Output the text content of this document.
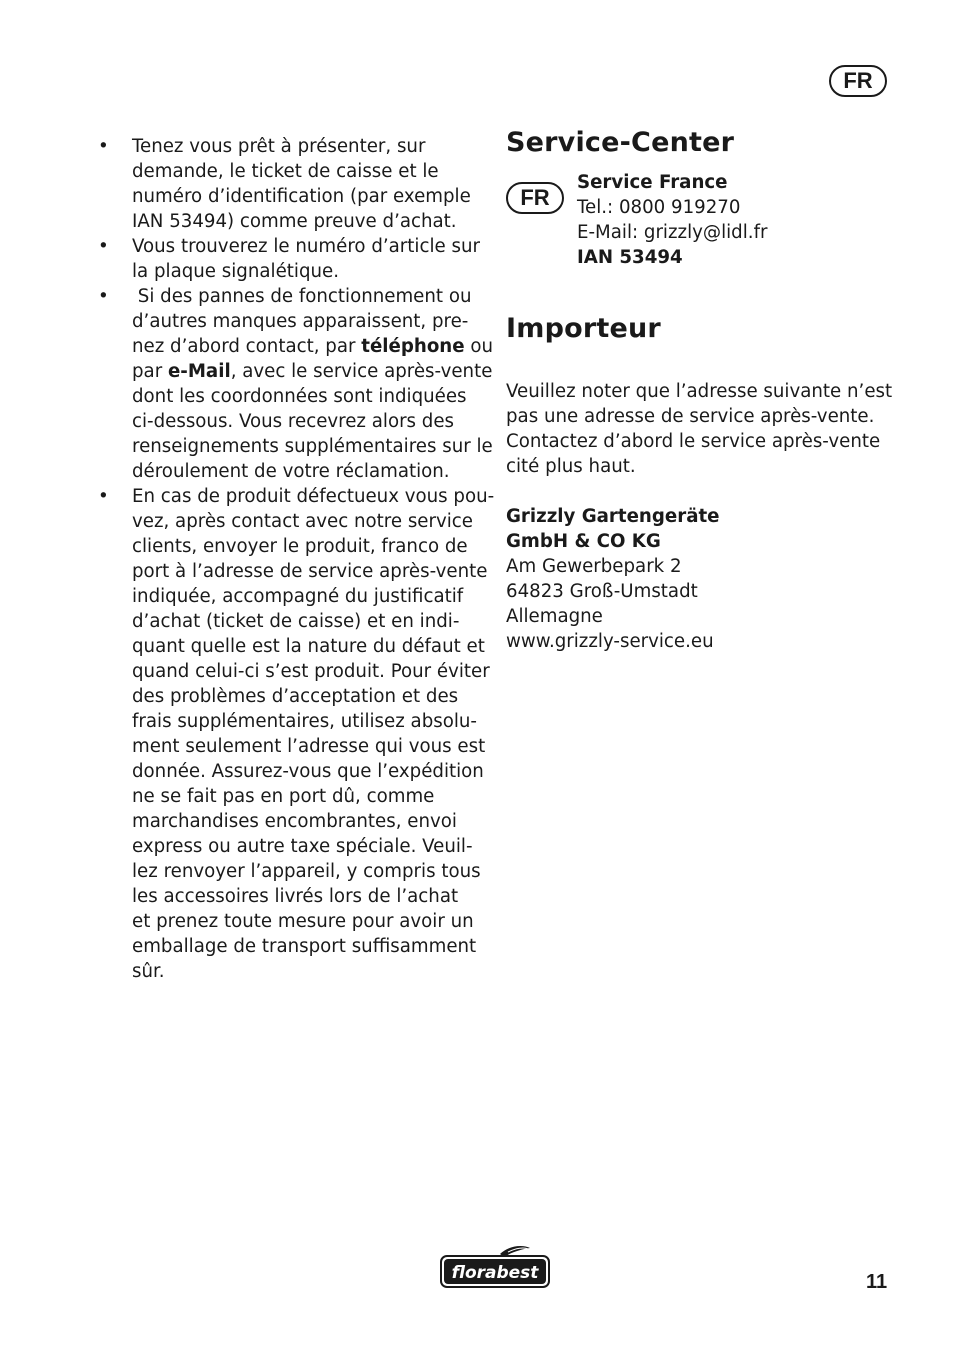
FR
• Tenez vous prêt à présenter, sur
demande, le ticket de caisse et le
numéro d’identification (par exemple
IAN 53494) comme preuve d’achat.
• Vous trouverez le numéro d’article sur
la plaque signalétique.
• Si des pannes de fonctionnement ou
d’autres manques apparaissent, pre-
nez d’abord contact, par téléphone ou
par e-Mail, avec le service après-vente
dont les coordonnées sont indiquées
ci-dessous. Vous recevrez alors des
renseignements supplémentaires sur le
déroulement de votre réclamation.
• En cas de produit défectueux vous pou-
vez, après contact avec notre service
clients, envoyer le produit, franco de
port à l’adresse de service après-vente
indiquée, accompagné du justificatif
d’achat (ticket de caisse) et en indi-
quant quelle est la nature du défaut et
quand celui-ci s’est produit. Pour éviter
des problèmes d’acceptation et des
frais supplémentaires, utilisez absolu-
ment seulement l’adresse qui vous est
donnée. Assurez-vous que l’expédition
ne se fait pas en port dû, comme
marchandises encombrantes, envoi
express ou autre taxe spéciale. Veuil-
lez renvoyer l’appareil, y compris tous
les accessoires livrés lors de l’achat
et prenez toute mesure pour avoir un
emballage de transport suffisamment
sûr.
Service-Center
FR
Service France
Tel.: 0800 919270
E-Mail: grizzly@lidl.fr
IAN 53494
Importeur
Veuillez noter que l’adresse suivante n’est
pas une adresse de service après-vente.
Contactez d’abord le service après-vente
cité plus haut.
Grizzly Gartengeräte
GmbH & CO KG
Am Gewerbepark 2
64823 Groß-Umstadt
Allemagne
www.grizzly-service.eu
florabest	11
